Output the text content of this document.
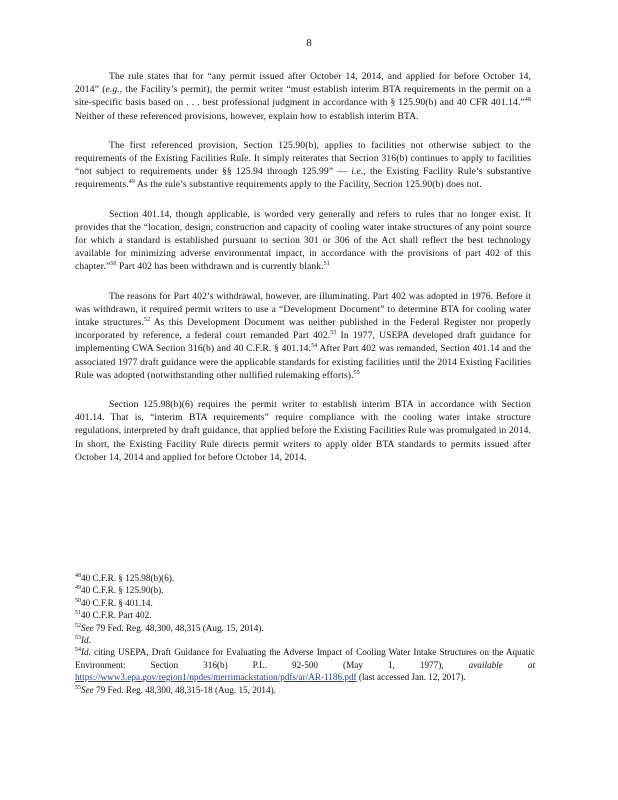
8

The rule states that for “any permit issued after October 14, 2014, and applied for before October 14, 2014” (e.g., the Facility’s permit), the permit writer “must establish interim BTA requirements in the permit on a site-specific basis based on . . . best professional judgment in accordance with § 125.90(b) and 40 CFR 401.14.”$^{48}$ Neither of these referenced provisions, however, explain how to establish interim BTA.

The first referenced provision, Section 125.90(b), applies to facilities not otherwise subject to the requirements of the Existing Facilities Rule. It simply reiterates that Section 316(b) continues to apply to facilities “not subject to requirements under §§ 125.94 through 125.99” — i.e., the Existing Facility Rule’s substantive requirements.$^{49}$ As the rule’s substantive requirements apply to the Facility, Section 125.90(b) does not.

Section 401.14, though applicable, is worded very generally and refers to rules that no longer exist. It provides that the “location, design, construction and capacity of cooling water intake structures of any point source for which a standard is established pursuant to section 301 or 306 of the Act shall reflect the best technology available for minimizing adverse environmental impact, in accordance with the provisions of part 402 of this chapter.”$^{50}$ Part 402 has been withdrawn and is currently blank.$^{51}$

The reasons for Part 402’s withdrawal, however, are illuminating. Part 402 was adopted in 1976. Before it was withdrawn, it required permit writers to use a “Development Document” to determine BTA for cooling water intake structures.$^{52}$ As this Development Document was neither published in the Federal Register nor properly incorporated by reference, a federal court remanded Part 402.53 In 1977, USEPA developed draft guidance for implementing CWA Section 316(b) and 40 C.F.R. § 401.14.54 After Part 402 was remanded, Section 401.14 and the associated 1977 draft guidance were the applicable standards for existing facilities until the 2014 Existing Facilities Rule was adopted (notwithstanding other nullified rulemaking efforts).$^{55}$

Section 125.98(b)(6) requires the permit writer to establish interim BTA in accordance with Section 401.14. That is, “interim BTA requirements” require compliance with the cooling water intake structure regulations, interpreted by draft guidance, that applied before the Existing Facilities Rule was promulgated in 2014. In short, the Existing Facility Rule directs permit writers to apply older BTA standards to permits issued after October 14, 2014 and applied for before October 14, 2014.

$^{48}$40 C.F.R. § 125.98(b)(6).

$^{49}$40 C.F.R. § 125.90(b).

$^{50}$40 C.F.R. § 401.14.

$^{51}$40 C.F.R. Part 402.

$^{52}$See 79 Fed. Reg. 48,300, 48,315 (Aug. 15, 2014).

$^{53}$Id.

$^{54}$Id. citing USEPA, Draft Guidance for Evaluating the Adverse Impact of Cooling Water Intake Structures on the Aquatic Environment: Section 316(b) P.L. 92-500 (May 1, 1977), available at https://www3.epa.gov/region1/npdes/merrimackstation/pdfs/ar/AR-1186.pdf (last accessed Jan. 12, 2017).

$^{55}$See 79 Fed. Reg. 48,300, 48,315-18 (Aug. 15, 2014).
